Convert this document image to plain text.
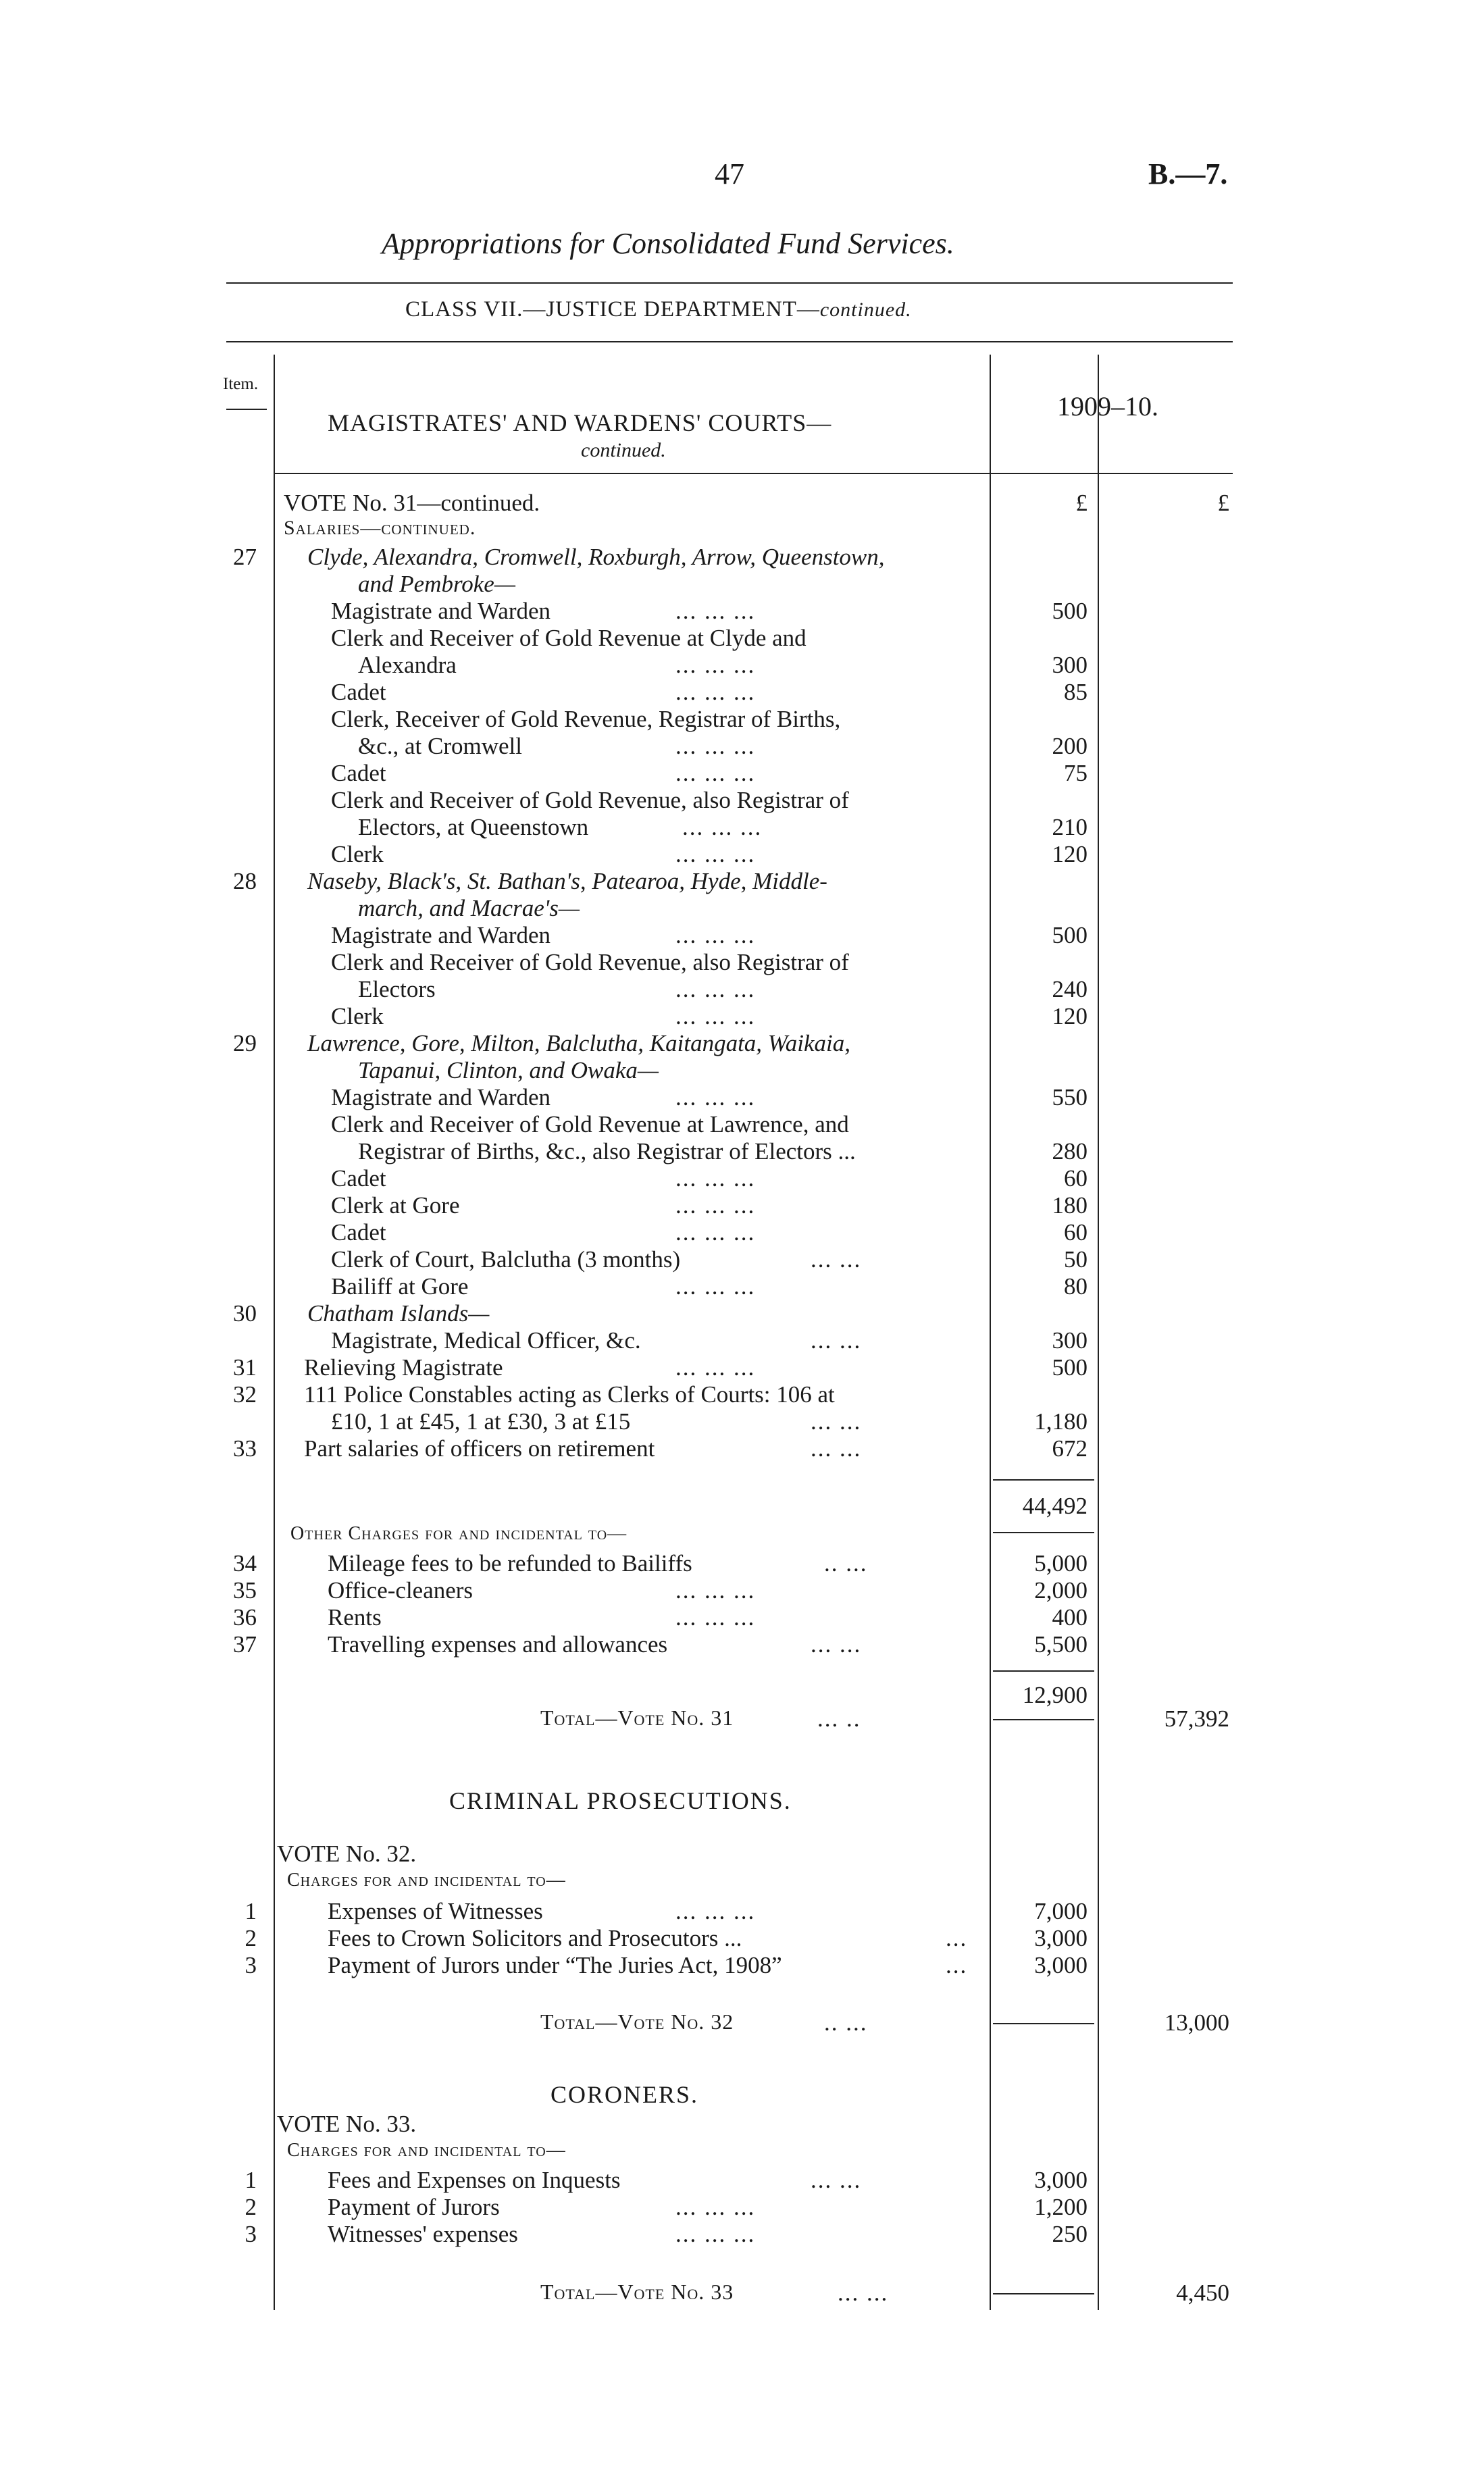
47	B.—7.
Appropriations for Consolidated Fund Services.
CLASS VII.—JUSTICE DEPARTMENT—continued.
Item.
MAGISTRATES' AND WARDENS' COURTS—
continued.
1909–10.
VOTE No. 31—continued.	£	£
Salaries—continued.
27 Clyde, Alexandra, Cromwell, Roxburgh, Arrow, Queenstown,
and Pembroke—
Magistrate and Warden	... ... ...	500
Clerk and Receiver of Gold Revenue at Clyde and
Alexandra	... ... ...	300
Cadet	... ... ...	85
Clerk, Receiver of Gold Revenue, Registrar of Births,
&c., at Cromwell	... ... ...	200
Cadet	... ... ...	75
Clerk and Receiver of Gold Revenue, also Registrar of
Electors, at Queenstown	... ... ...	210
Clerk	... ... ...	120
28 Naseby, Black's, St. Bathan's, Patearoa, Hyde, Middle-
march, and Macrae's—
Magistrate and Warden	... ... ...	500
Clerk and Receiver of Gold Revenue, also Registrar of
Electors	... ... ...	240
Clerk	... ... ...	120
29 Lawrence, Gore, Milton, Balclutha, Kaitangata, Waikaia,
Tapanui, Clinton, and Owaka—
Magistrate and Warden	... ... ...	550
Clerk and Receiver of Gold Revenue at Lawrence, and
Registrar of Births, &c., also Registrar of Electors ...	280
Cadet	... ... ...	60
Clerk at Gore	... ... ...	180
Cadet	... ... ...	60
Clerk of Court, Balclutha (3 months)	... ...	50
Bailiff at Gore	... ... ...	80
30 Chatham Islands—
Magistrate, Medical Officer, &c.	... ...	300
31 Relieving Magistrate	... ... ...	500
32 111 Police Constables acting as Clerks of Courts: 106 at
£10, 1 at £45, 1 at £30, 3 at £15	... ...	1,180
33 Part salaries of officers on retirement	... ...	672
44,492
Other Charges for and incidental to—
34	Mileage fees to be refunded to Bailiffs	.. ...	5,000
35	Office-cleaners	... ... ...	2,000
36	Rents	... ... ...	400
37	Travelling expenses and allowances	... ...	5,500
12,900
Total—Vote No. 31	... ..	57,392
CRIMINAL PROSECUTIONS.
VOTE No. 32.
Charges for and incidental to—
1	Expenses of Witnesses	... ... ...	7,000
2	Fees to Crown Solicitors and Prosecutors ...	...	3,000
3	Payment of Jurors under “The Juries Act, 1908”	...	3,000
Total—Vote No. 32	.. ...	13,000
CORONERS.
VOTE No. 33.
Charges for and incidental to—
1	Fees and Expenses on Inquests	... ...	3,000
2	Payment of Jurors	... ... ...	1,200
3	Witnesses' expenses	... ... ...	250
Total—Vote No. 33	... ...	4,450
